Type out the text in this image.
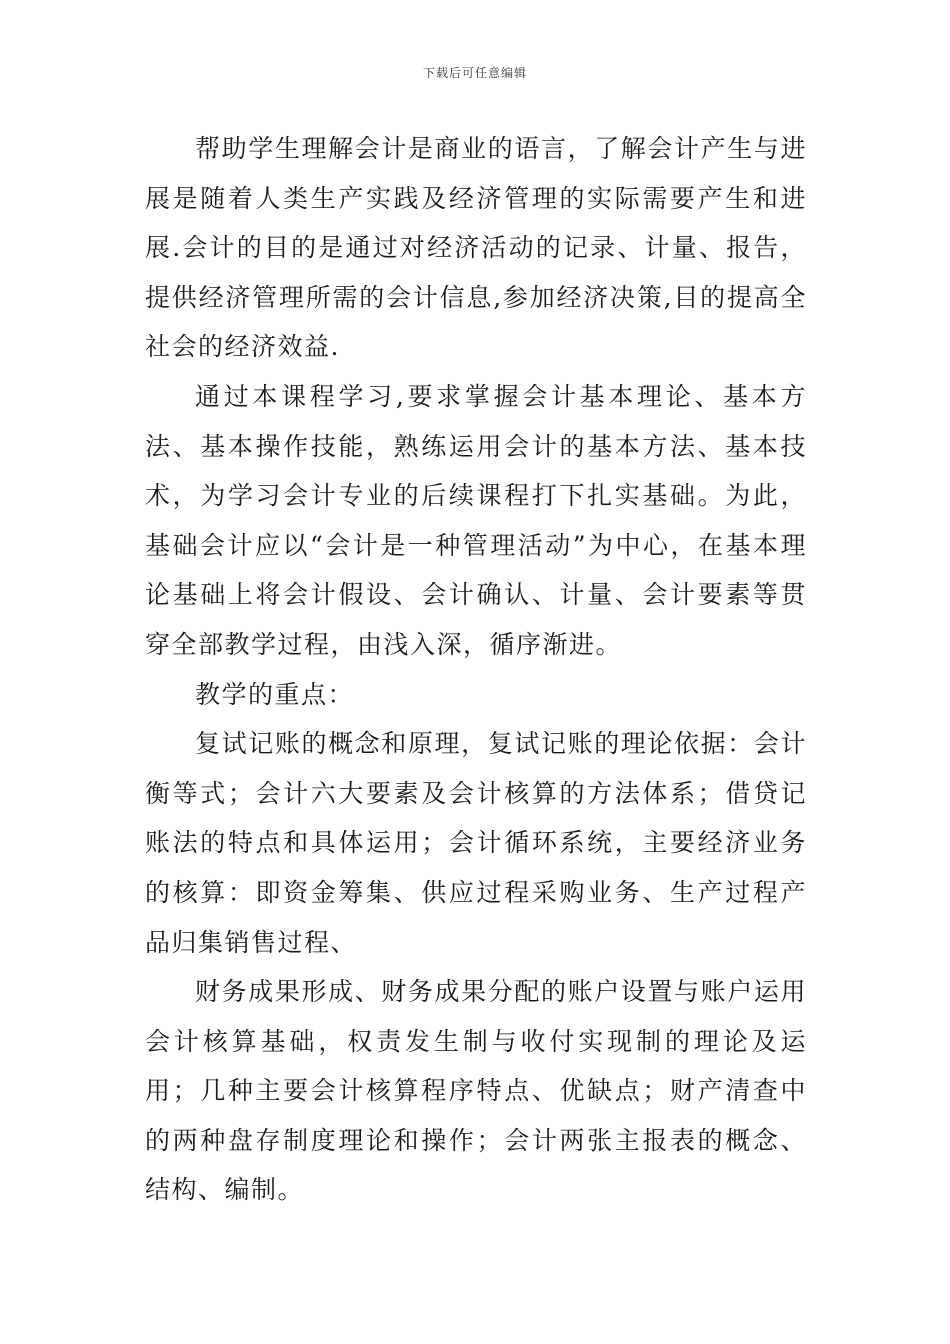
下载后可任意编辑

帮助学生理解会计是商业的语言，了解会计产生与进展是随着人类生产实践及经济管理的实际需要产生和进展.会计的目的是通过对经济活动的记录、计量、报告，提供经济管理所需的会计信息,参加经济决策,目的提高全社会的经济效益.

通过本课程学习,要求掌握会计基本理论、基本方法、基本操作技能，熟练运用会计的基本方法、基本技术，为学习会计专业的后续课程打下扎实基础。为此，基础会计应以“会计是一种管理活动”为中心，在基本理论基础上将会计假设、会计确认、计量、会计要素等贯穿全部教学过程，由浅入深，循序渐进。

教学的重点：

复试记账的概念和原理，复试记账的理论依据：会计衡等式；会计六大要素及会计核算的方法体系；借贷记账法的特点和具体运用；会计循环系统，主要经济业务的核算：即资金筹集、供应过程采购业务、生产过程产品归集销售过程、

财务成果形成、财务成果分配的账户设置与账户运用会计核算基础，权责发生制与收付实现制的理论及运用；几种主要会计核算程序特点、优缺点；财产清查中的两种盘存制度理论和操作；会计两张主报表的概念、结构、编制。
